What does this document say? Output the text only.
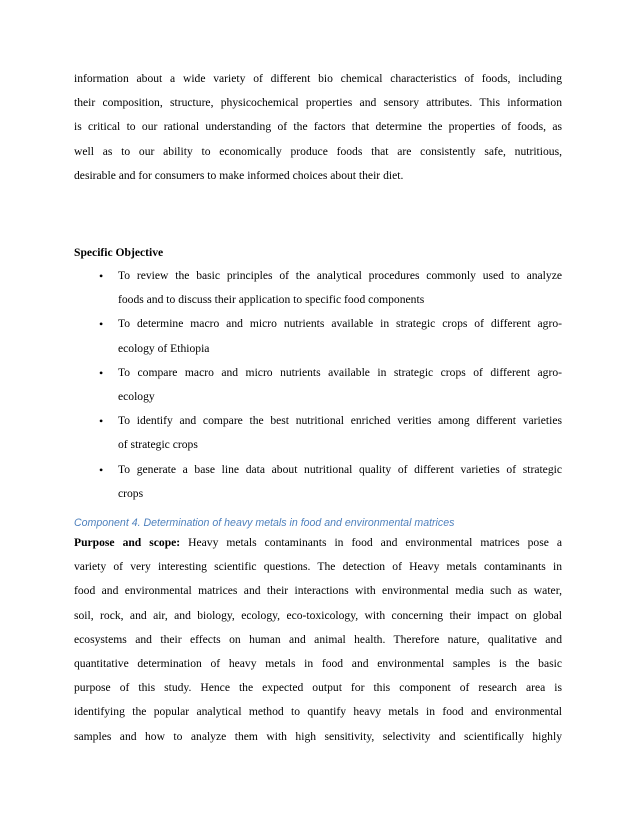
information about a wide variety of different bio chemical characteristics of foods, including
their composition, structure, physicochemical properties and sensory attributes. This information
is critical to our rational understanding of the factors that determine the properties of foods, as
well as to our ability to economically produce foods that are consistently safe, nutritious,
desirable and for consumers to make informed choices about their diet.
Specific Objective
• To review the basic principles of the analytical procedures commonly used to analyze
foods and to discuss their application to specific food components
• To determine macro and micro nutrients available in strategic crops of different agro-
ecology of Ethiopia
• To compare macro and micro nutrients available in strategic crops of different agro-
ecology
• To identify and compare the best nutritional enriched verities among different varieties
of strategic crops
• To generate a base line data about nutritional quality of different varieties of strategic
crops
Component 4. Determination of heavy metals in food and environmental matrices
Purpose and scope: Heavy metals contaminants in food and environmental matrices pose a
variety of very interesting scientific questions. The detection of Heavy metals contaminants in
food and environmental matrices and their interactions with environmental media such as water,
soil, rock, and air, and biology, ecology, eco-toxicology, with concerning their impact on global
ecosystems and their effects on human and animal health. Therefore nature, qualitative and
quantitative determination of heavy metals in food and environmental samples is the basic
purpose of this study. Hence the expected output for this component of research area is
identifying the popular analytical method to quantify heavy metals in food and environmental
samples and how to analyze them with high sensitivity, selectivity and scientifically highly
